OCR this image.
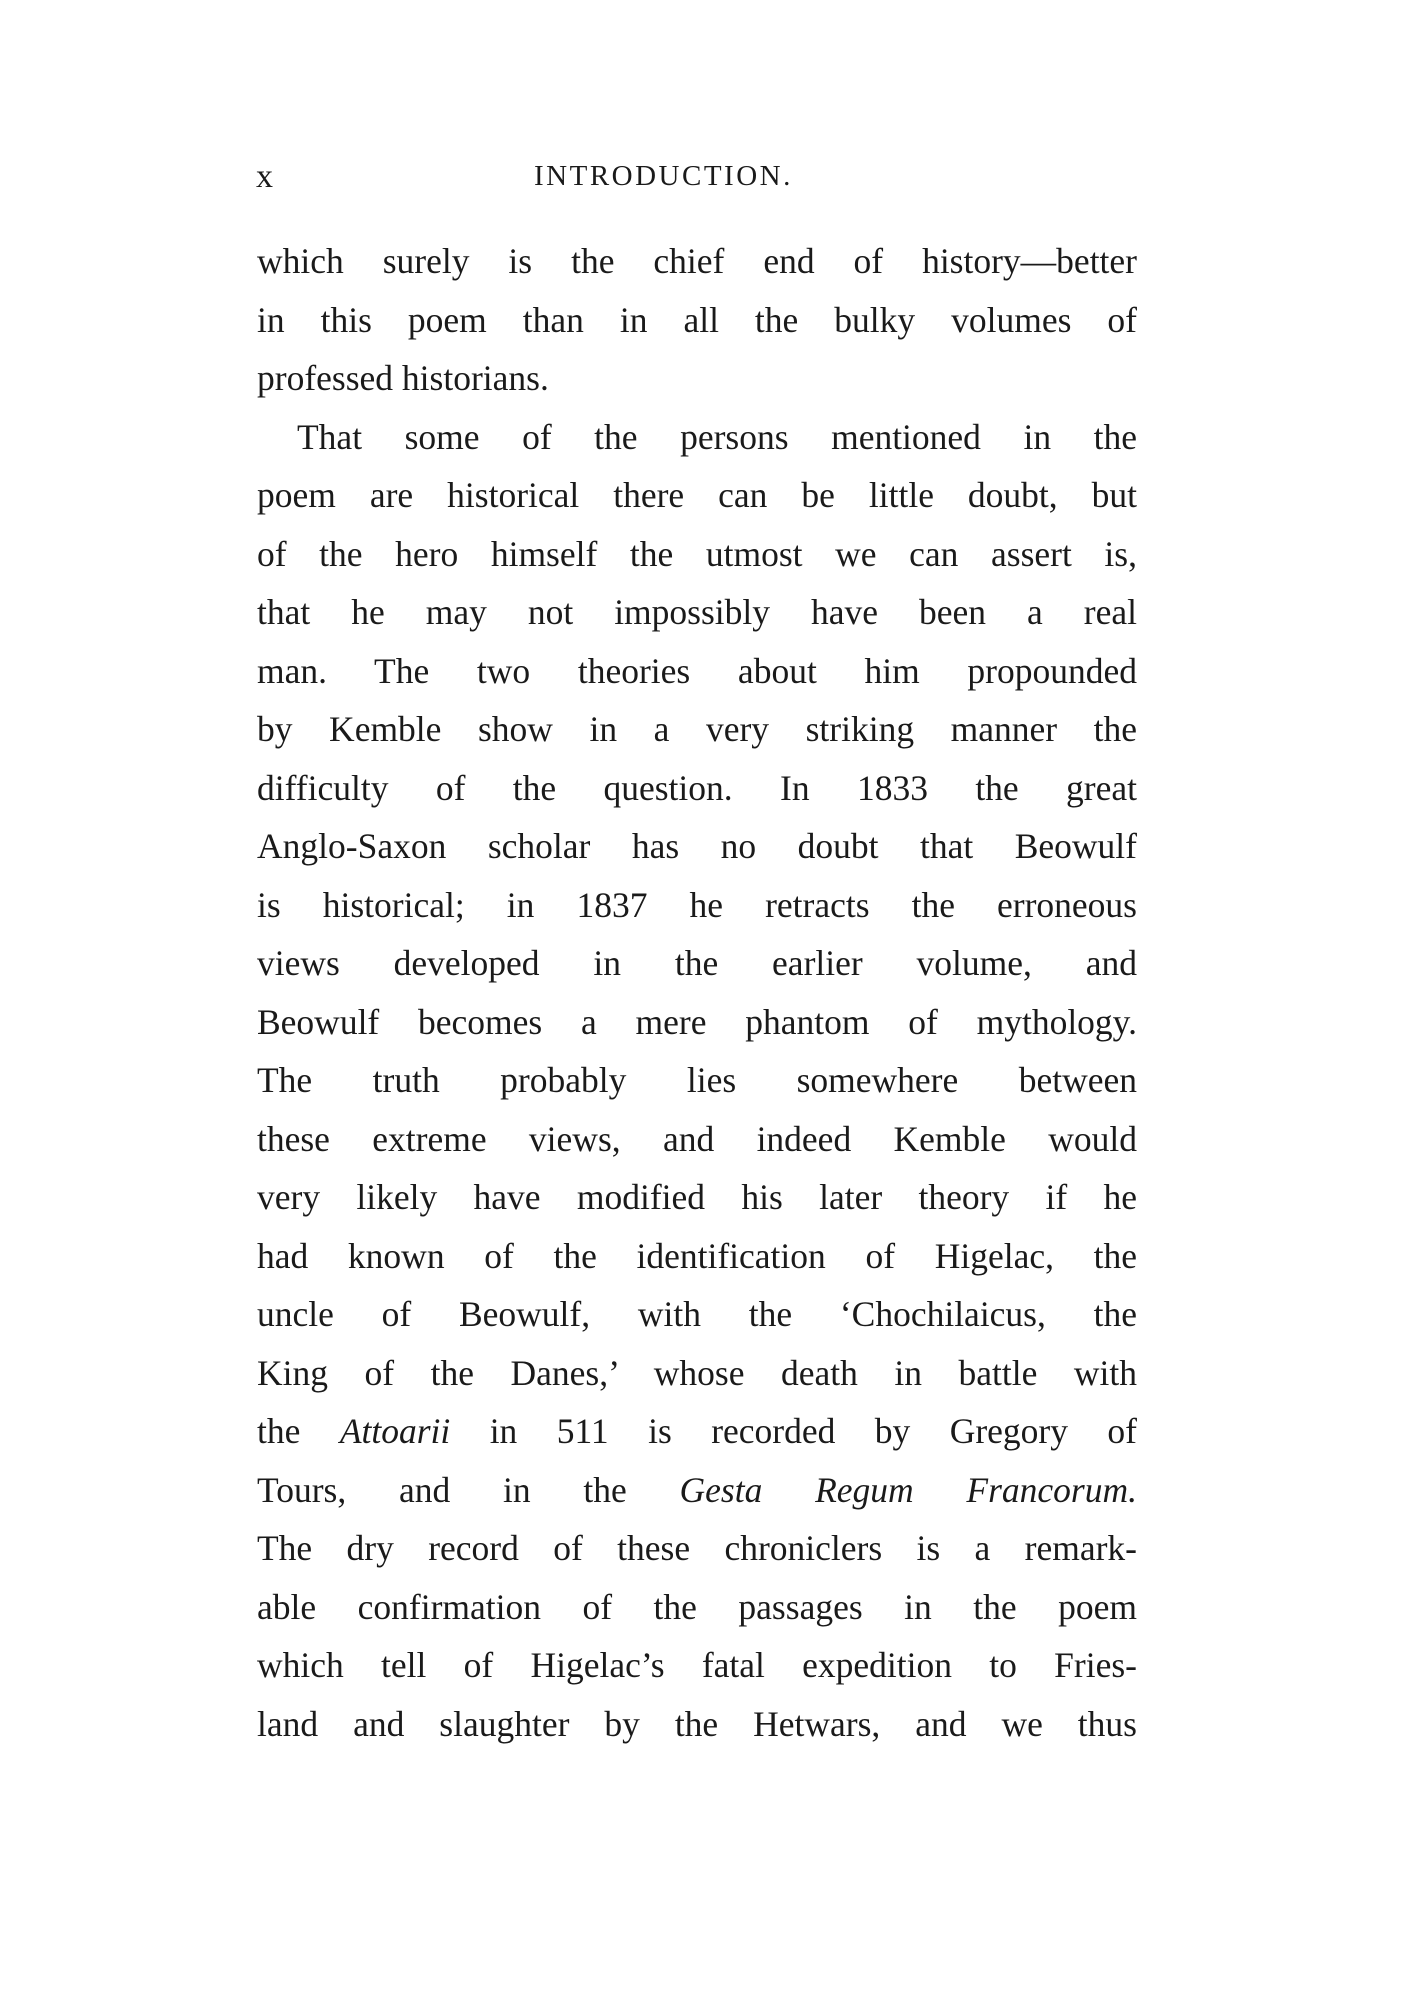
x	INTRODUCTION.
which surely is the chief end of history—better
in this poem than in all the bulky volumes of
professed historians.
That some of the persons mentioned in the
poem are historical there can be little doubt, but
of the hero himself the utmost we can assert is,
that he may not impossibly have been a real
man. The two theories about him propounded
by Kemble show in a very striking manner the
difficulty of the question. In 1833 the great
Anglo-Saxon scholar has no doubt that Beowulf
is historical; in 1837 he retracts the erroneous
views developed in the earlier volume, and
Beowulf becomes a mere phantom of mythology.
The truth probably lies somewhere between
these extreme views, and indeed Kemble would
very likely have modified his later theory if he
had known of the identification of Higelac, the
uncle of Beowulf, with the ‘Chochilaicus, the
King of the Danes,’ whose death in battle with
the Attoarii in 511 is recorded by Gregory of
Tours, and in the Gesta Regum Francorum.
The dry record of these chroniclers is a remark-
able confirmation of the passages in the poem
which tell of Higelac’s fatal expedition to Fries-
land and slaughter by the Hetwars, and we thus
